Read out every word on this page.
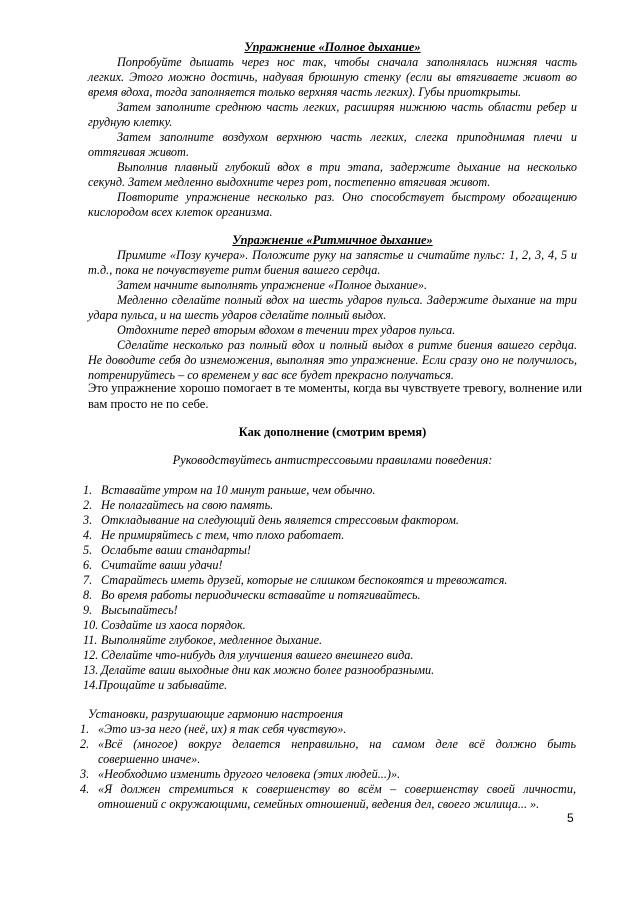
Упражнение «Полное дыхание»
Попробуйте дышать через нос так, чтобы сначала заполнялась нижняя часть
легких. Этого можно достичь, надувая брюшную стенку (если вы втягиваете живот во
время вдоха, тогда заполняется только верхняя часть легких). Губы приоткрыты.
Затем заполните среднюю часть легких, расширяя нижнюю часть области ребер и
грудную клетку.
Затем заполните воздухом верхнюю часть легких, слегка приподнимая плечи и
оттягивая живот.
Выполнив плавный глубокий вдох в три этапа, задержите дыхание на несколько
секунд. Затем медленно выдохните через рот, постепенно втягивая живот.
Повторите упражнение несколько раз. Оно способствует быстрому обогащению
кислородом всех клеток организма.
Упражнение «Ритмичное дыхание»
Примите «Позу кучера». Положите руку на запястье и считайте пульс: 1, 2, 3, 4, 5 и
т.д., пока не почувствуете ритм биения вашего сердца.
Затем начните выполнять упражнение «Полное дыхание».
Медленно сделайте полный вдох на шесть ударов пульса. Задержите дыхание на три
удара пульса, и на шесть ударов сделайте полный выдох.
Отдохните перед вторым вдохом в течении трех ударов пульса.
Сделайте несколько раз полный вдох и полный выдох в ритме биения вашего сердца.
Не доводите себя до изнеможения, выполняя это упражнение. Если сразу оно не получилось,
потренируйтесь – со временем у вас все будет прекрасно получаться.
Это упражнение хорошо помогает в те моменты, когда вы чувствуете тревогу, волнение или
вам просто не по себе.
Как дополнение (смотрим время)
Руководствуйтесь антистрессовыми правилами поведения:
1. Вставайте утром на 10 минут раньше, чем обычно.
2. Не полагайтесь на свою память.
3. Откладывание на следующий день является стрессовым фактором.
4. Не примиряйтесь с тем, что плохо работает.
5. Ослабьте ваши стандарты!
6. Считайте ваши удачи!
7. Старайтесь иметь друзей, которые не слишком беспокоятся и тревожатся.
8. Во время работы периодически вставайте и потягивайтесь.
9. Высыпайтесь!
10. Создайте из хаоса порядок.
11. Выполняйте глубокое, медленное дыхание.
12. Сделайте что-нибудь для улучшения вашего внешнего вида.
13. Делайте ваши выходные дни как можно более разнообразными.
14.Прощайте и забывайте.
Установки, разрушающие гармонию настроения
1. «Это из-за него (неё, их) я так себя чувствую».
2. «Всё (многое) вокруг делается неправильно, на самом деле всё должно быть
совершенно иначе».
3. «Необходимо изменить другого человека (этих людей...)».
4. «Я должен стремиться к совершенству во всём – совершенству своей личности,
отношений с окружающими, семейных отношений, ведения дел, своего жилища... ».
5
